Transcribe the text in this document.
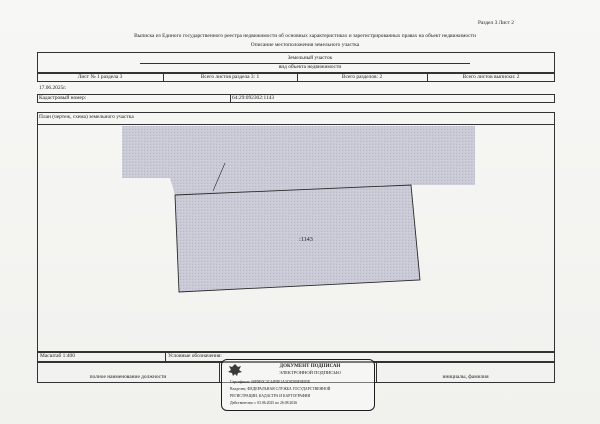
Раздел 3 Лист 2
Выписка из Единого государственного реестра недвижимости об основных характеристиках и зарегистрированных правах на объект недвижимости
Описание местоположения земельного участка
Земельный участок
вид объекта недвижимости
Лист № 1 раздела 3	Всего листов раздела 3: 1	Всего разделов: 2	Всего листов выписки: 2
17.06.2025г.
Кадастровый номер:	64:29:092302:1143
План (чертеж, схема) земельного участка
:1143
Масштаб 1:400	Условные обозначения:
полное наименование должности	инициалы, фамилия
ДОКУМЕНТ ПОДПИСАН
ЭЛЕКТРОННОЙ ПОДПИСЬЮ
Сертификат: 00F8E0C3C44F8F1A3C9D80F0E85E
Владелец: ФЕДЕРАЛЬНАЯ СЛУЖБА ГОСУДАРСТВЕННОЙ
РЕГИСТРАЦИИ, КАДАСТРА И КАРТОГРАФИИ
Действителен: с 03.06.2025 по 26.08.2026
